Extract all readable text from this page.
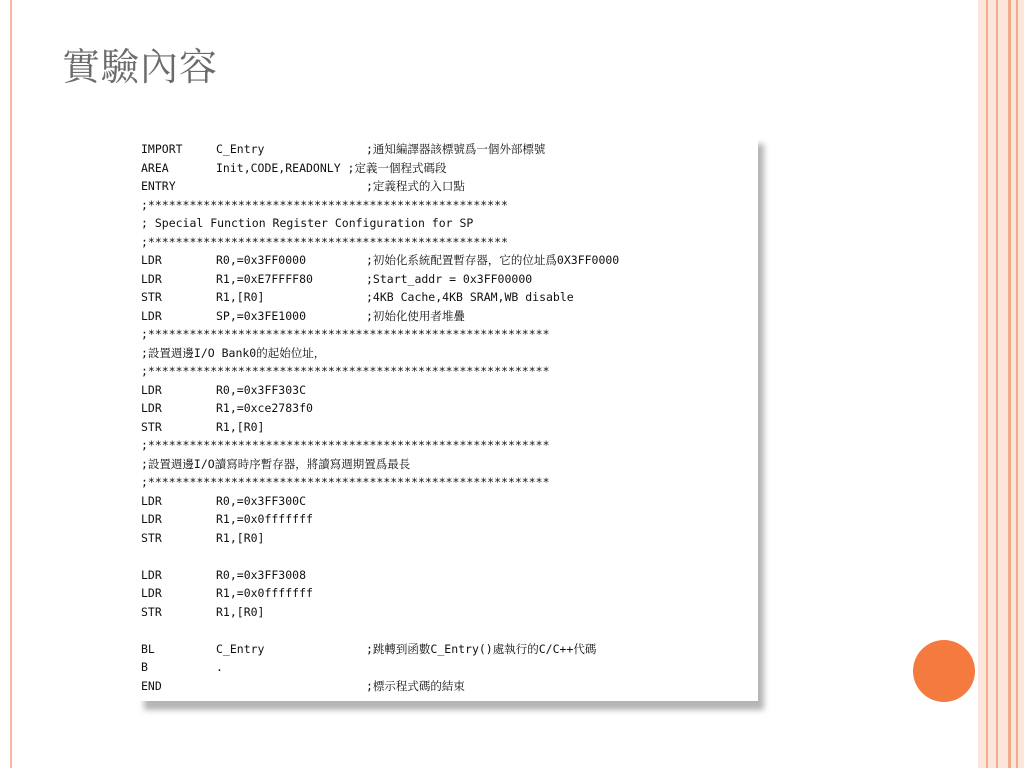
實驗內容
IMPORT	C_Entry	;通知編譯器該標號爲一個外部標號
AREA	Init,CODE,READONLY ;定義一個程式碼段
ENTRY	;定義程式的入口點
;****************************************************
; Special Function Register Configuration for SP
;****************************************************
LDR	R0,=0x3FF0000	;初始化系統配置暫存器，它的位址爲0X3FF0000
LDR	R1,=0xE7FFFF80	;Start_addr = 0x3FF00000
STR	R1,[R0]	;4KB Cache,4KB SRAM,WB disable
LDR	SP,=0x3FE1000	;初始化使用者堆疊
;**********************************************************
;設置週邊I/O Bank0的起始位址，
;**********************************************************
LDR	R0,=0x3FF303C
LDR	R1,=0xce2783f0
STR	R1,[R0]
;**********************************************************
;設置週邊I/O讀寫時序暫存器，將讀寫週期置爲最長
;**********************************************************
LDR	R0,=0x3FF300C
LDR	R1,=0x0fffffff
STR	R1,[R0]
LDR	R0,=0x3FF3008
LDR	R1,=0x0fffffff
STR	R1,[R0]
BL	C_Entry	;跳轉到函數C_Entry()處執行的C/C++代碼
B	.
END	;標示程式碼的結束
